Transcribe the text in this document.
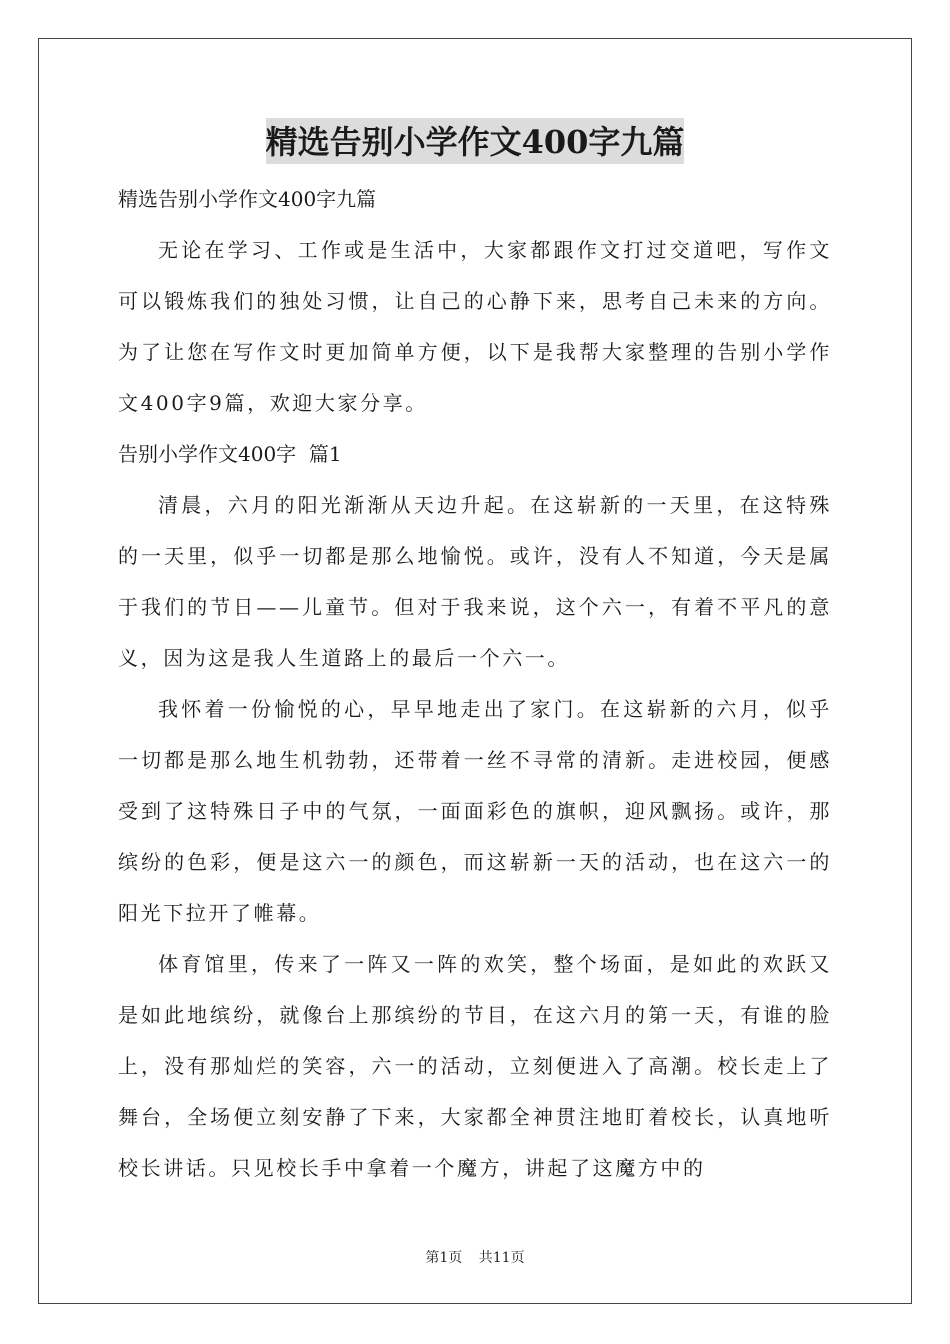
精选告别小学作文400字九篇

精选告别小学作文400字九篇

无论在学习、工作或是生活中，大家都跟作文打过交道吧，写作文可以锻炼我们的独处习惯，让自己的心静下来，思考自己未来的方向。为了让您在写作文时更加简单方便，以下是我帮大家整理的告别小学作文400字9篇，欢迎大家分享。

告别小学作文400字  篇1

清晨，六月的阳光渐渐从天边升起。在这崭新的一天里，在这特殊的一天里，似乎一切都是那么地愉悦。或许，没有人不知道，今天是属于我们的节日——儿童节。但对于我来说，这个六一，有着不平凡的意义，因为这是我人生道路上的最后一个六一。

我怀着一份愉悦的心，早早地走出了家门。在这崭新的六月，似乎一切都是那么地生机勃勃，还带着一丝不寻常的清新。走进校园，便感受到了这特殊日子中的气氛，一面面彩色的旗帜，迎风飘扬。或许，那缤纷的色彩，便是这六一的颜色，而这崭新一天的活动，也在这六一的阳光下拉开了帷幕。

体育馆里，传来了一阵又一阵的欢笑，整个场面，是如此的欢跃又是如此地缤纷，就像台上那缤纷的节目，在这六月的第一天，有谁的脸上，没有那灿烂的笑容，六一的活动，立刻便进入了高潮。校长走上了舞台，全场便立刻安静了下来，大家都全神贯注地盯着校长，认真地听校长讲话。只见校长手中拿着一个魔方，讲起了这魔方中的

第1页 共11页
